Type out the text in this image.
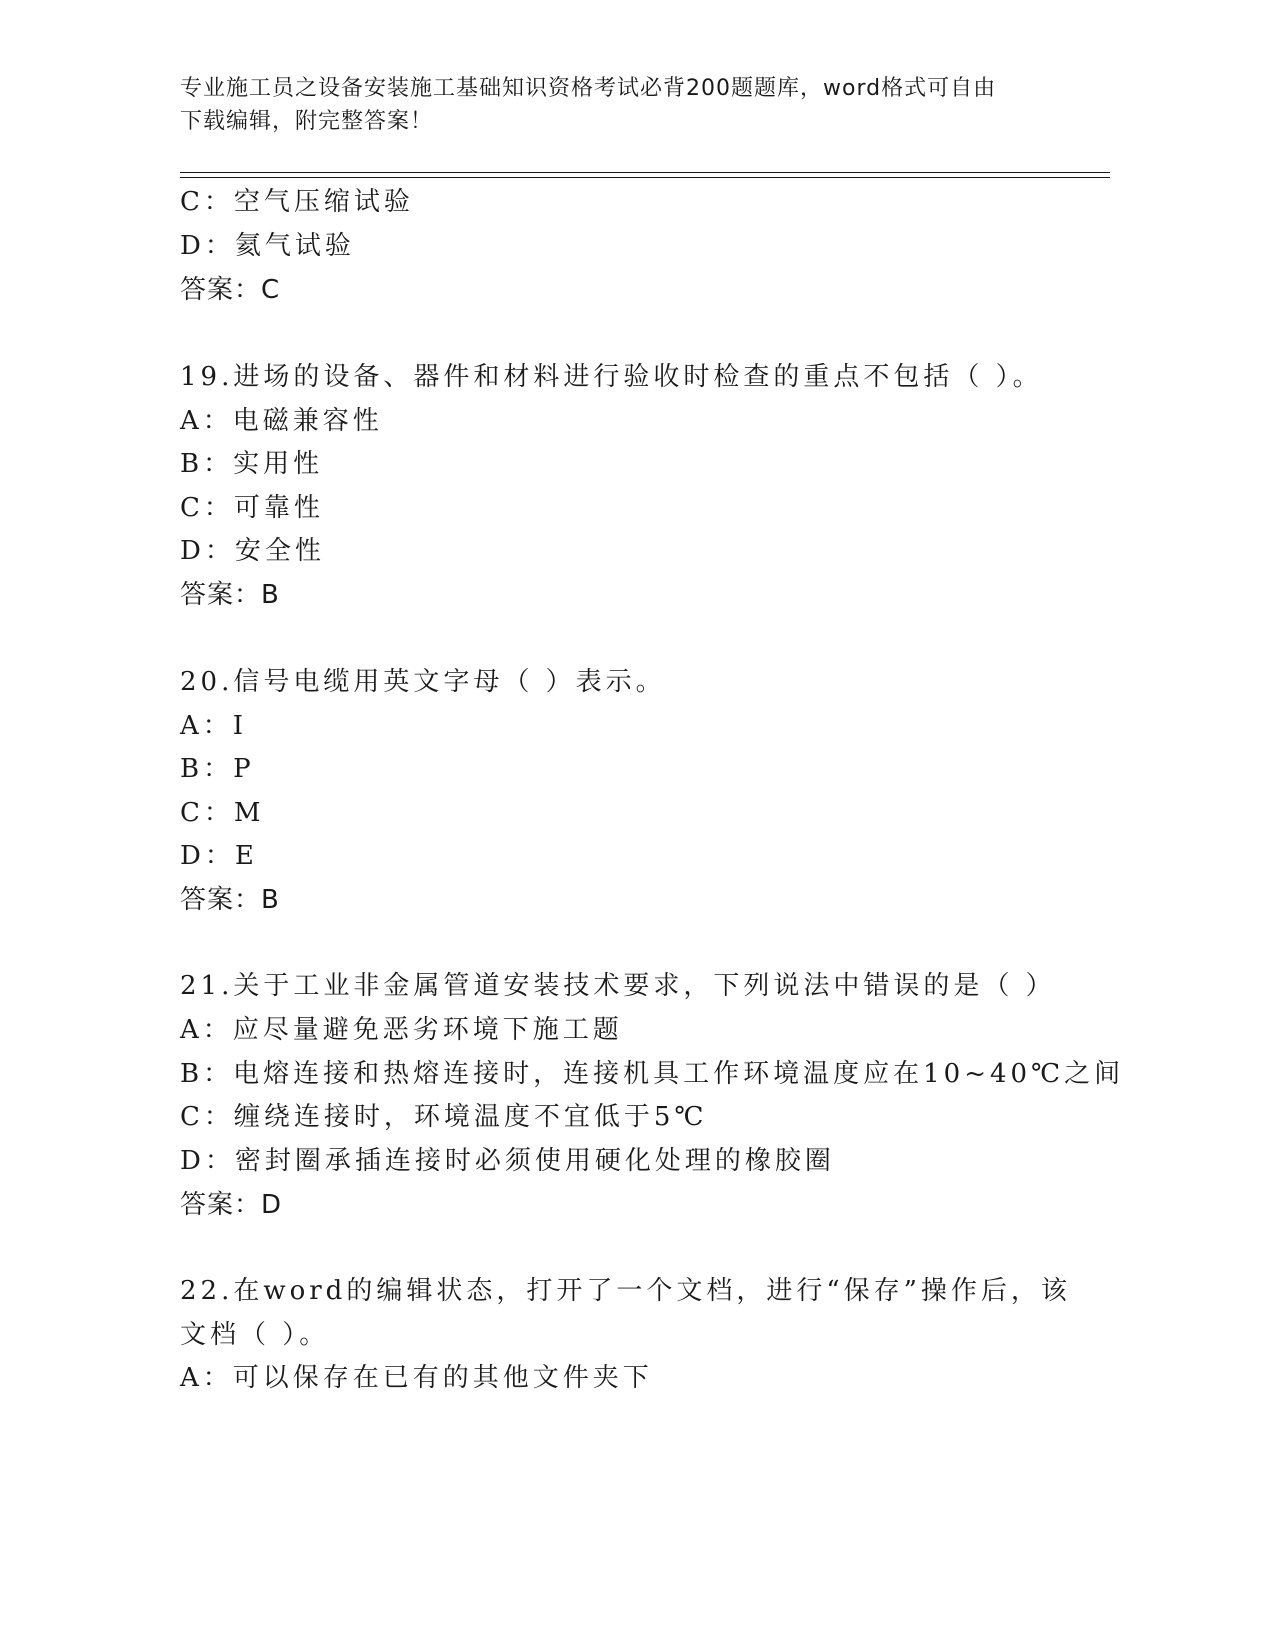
专业施工员之设备安装施工基础知识资格考试必背200题题库，word格式可自由
下载编辑，附完整答案！
C：空气压缩试验
D：氦气试验
答案：C
19.进场的设备、器件和材料进行验收时检查的重点不包括（ ）。
A：电磁兼容性
B：实用性
C：可靠性
D：安全性
答案：B
20.信号电缆用英文字母（ ）表示。
A：I
B：P
C：M
D：E
答案：B
21.关于工业非金属管道安装技术要求，下列说法中错误的是（ ）
A：应尽量避免恶劣环境下施工题
B：电熔连接和热熔连接时，连接机具工作环境温度应在10~40℃之间
C：缠绕连接时，环境温度不宜低于5℃
D：密封圈承插连接时必须使用硬化处理的橡胶圈
答案：D
22.在word的编辑状态，打开了一个文档，进行“保存”操作后，该
文档（ ）。
A：可以保存在已有的其他文件夹下
